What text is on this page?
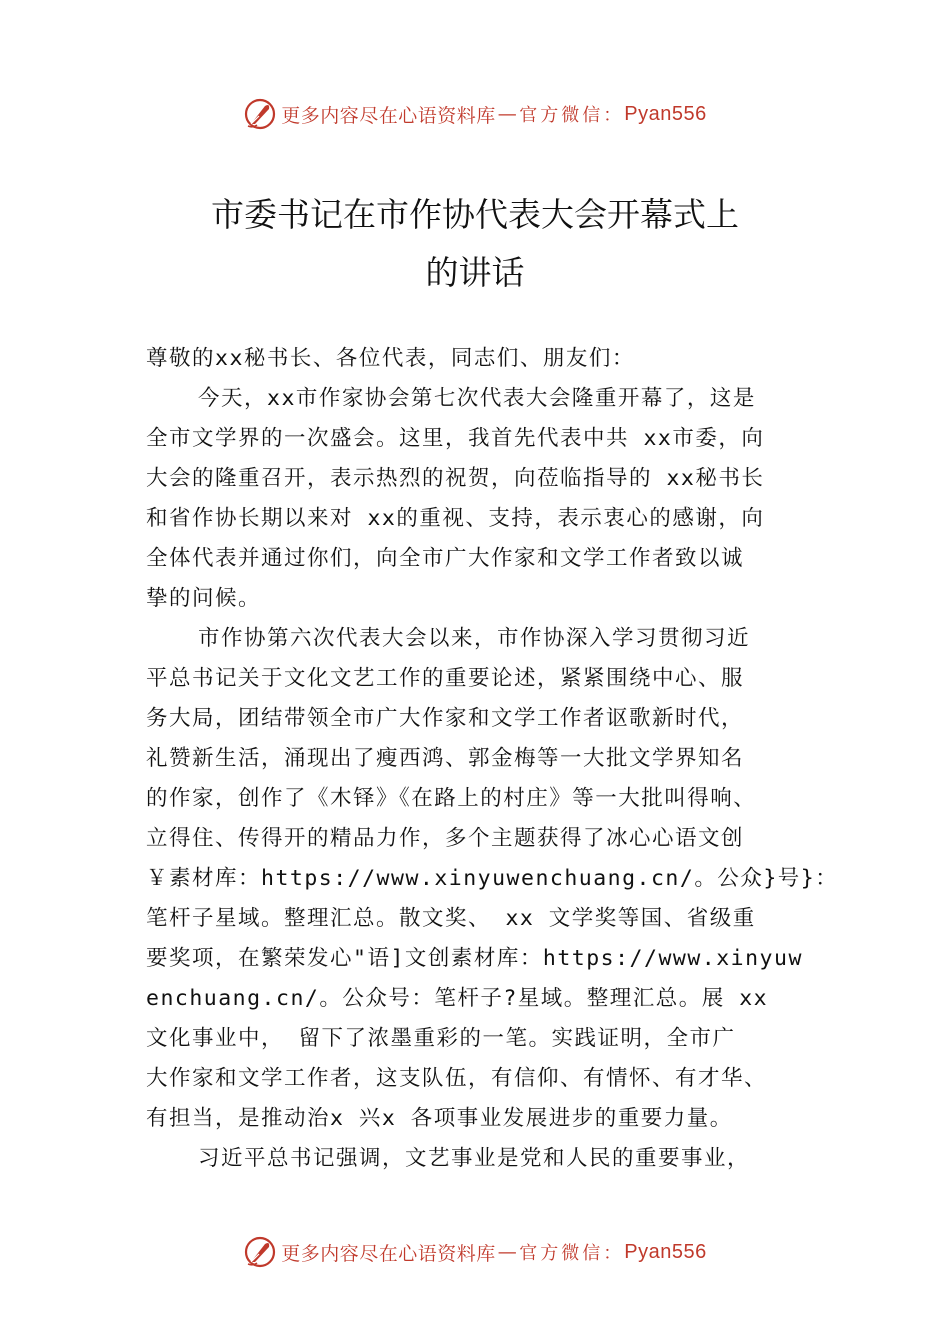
更多内容尽在心语资料库 — 官方微信： Pyan556
市委书记在市作协代表大会开幕式上
的讲话
尊敬的xx秘书长、各位代表，同志们、朋友们：
今天，xx市作家协会第七次代表大会隆重开幕了，这是
全市文学界的一次盛会。这里，我首先代表中共 xx市委，向
大会的隆重召开，表示热烈的祝贺，向莅临指导的 xx秘书长
和省作协长期以来对 xx的重视、支持，表示衷心的感谢，向
全体代表并通过你们，向全市广大作家和文学工作者致以诚
挚的问候。
市作协第六次代表大会以来，市作协深入学习贯彻习近
平总书记关于文化文艺工作的重要论述，紧紧围绕中心、服
务大局，团结带领全市广大作家和文学工作者讴歌新时代，
礼赞新生活，涌现出了瘦西鸿、郭金梅等一大批文学界知名
的作家，创作了《木铎》《在路上的村庄》等一大批叫得响、
立得住、传得开的精品力作，多个主题获得了冰心心语文创
￥素材库：https://www.xinyuwenchuang.cn/。公众}号}：
笔杆子星域。整理汇总。散文奖、 xx 文学奖等国、省级重
要奖项，在繁荣发心"语]文创素材库：https://www.xinyuw
enchuang.cn/。公众号：笔杆子?星域。整理汇总。展 xx
文化事业中， 留下了浓墨重彩的一笔。实践证明，全市广
大作家和文学工作者，这支队伍，有信仰、有情怀、有才华、
有担当，是推动治x 兴x 各项事业发展进步的重要力量。
习近平总书记强调，文艺事业是党和人民的重要事业，
更多内容尽在心语资料库 — 官方微信： Pyan556
